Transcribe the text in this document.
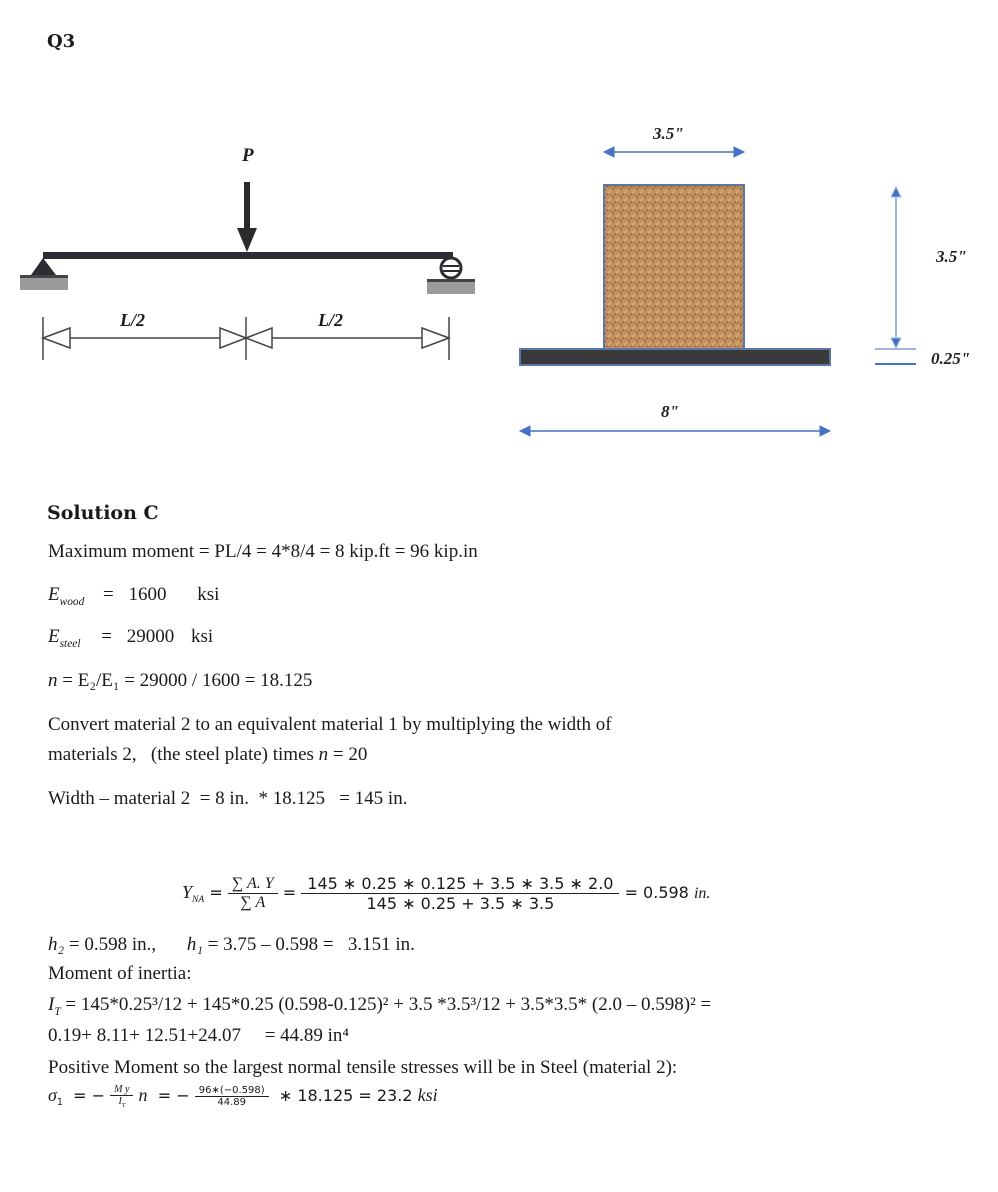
Q3
P
L/2	L/2
3.5"
3.5"
0.25"
8"
Solution C
Maximum moment = PL/4 = 4*8/4 = 8 kip.ft = 96 kip.in
$E_{wood} = 1600$ ksi
$E_{steel} = 29000$ ksi
n = E₂/E₁ = 29000 / 1600 = 18.125
Convert material 2 to an equivalent material 1 by multiplying the width of
materials 2,   (the steel plate) times n = 20
Width – material 2  = 8 in.  * 18.125   = 145 in.
$Y_{NA} = \frac{\sum A. Y}{\sum A} = \frac{145 ∗ 0.25 ∗ 0.125 + 3.5 ∗ 3.5 ∗ 2.0}{145 ∗ 0.25 + 3.5 ∗ 3.5} = 0.598$ in.
h₂ = 0.598 in., h₁ = 3.75 – 0.598 =   3.151 in.
Moment of inertia:
$I_T = 145*0.25^3/12 + 145*0.25$ (0.598-0.125)² + 3.5 *3.5³/12 + 3.5*3.5* (2.0 – 0.598)² =
0.19+ 8.11+ 12.51+24.07     = 44.89 in⁴
Positive Moment so the largest normal tensile stresses will be in Steel (material 2):
$\sigma_1$  = − $\frac{\text{M y}}{I_T}$ n  = − $\frac{96∗(-0.598)}{44.89}$ ∗ 18.125 = 23.2 ksi
